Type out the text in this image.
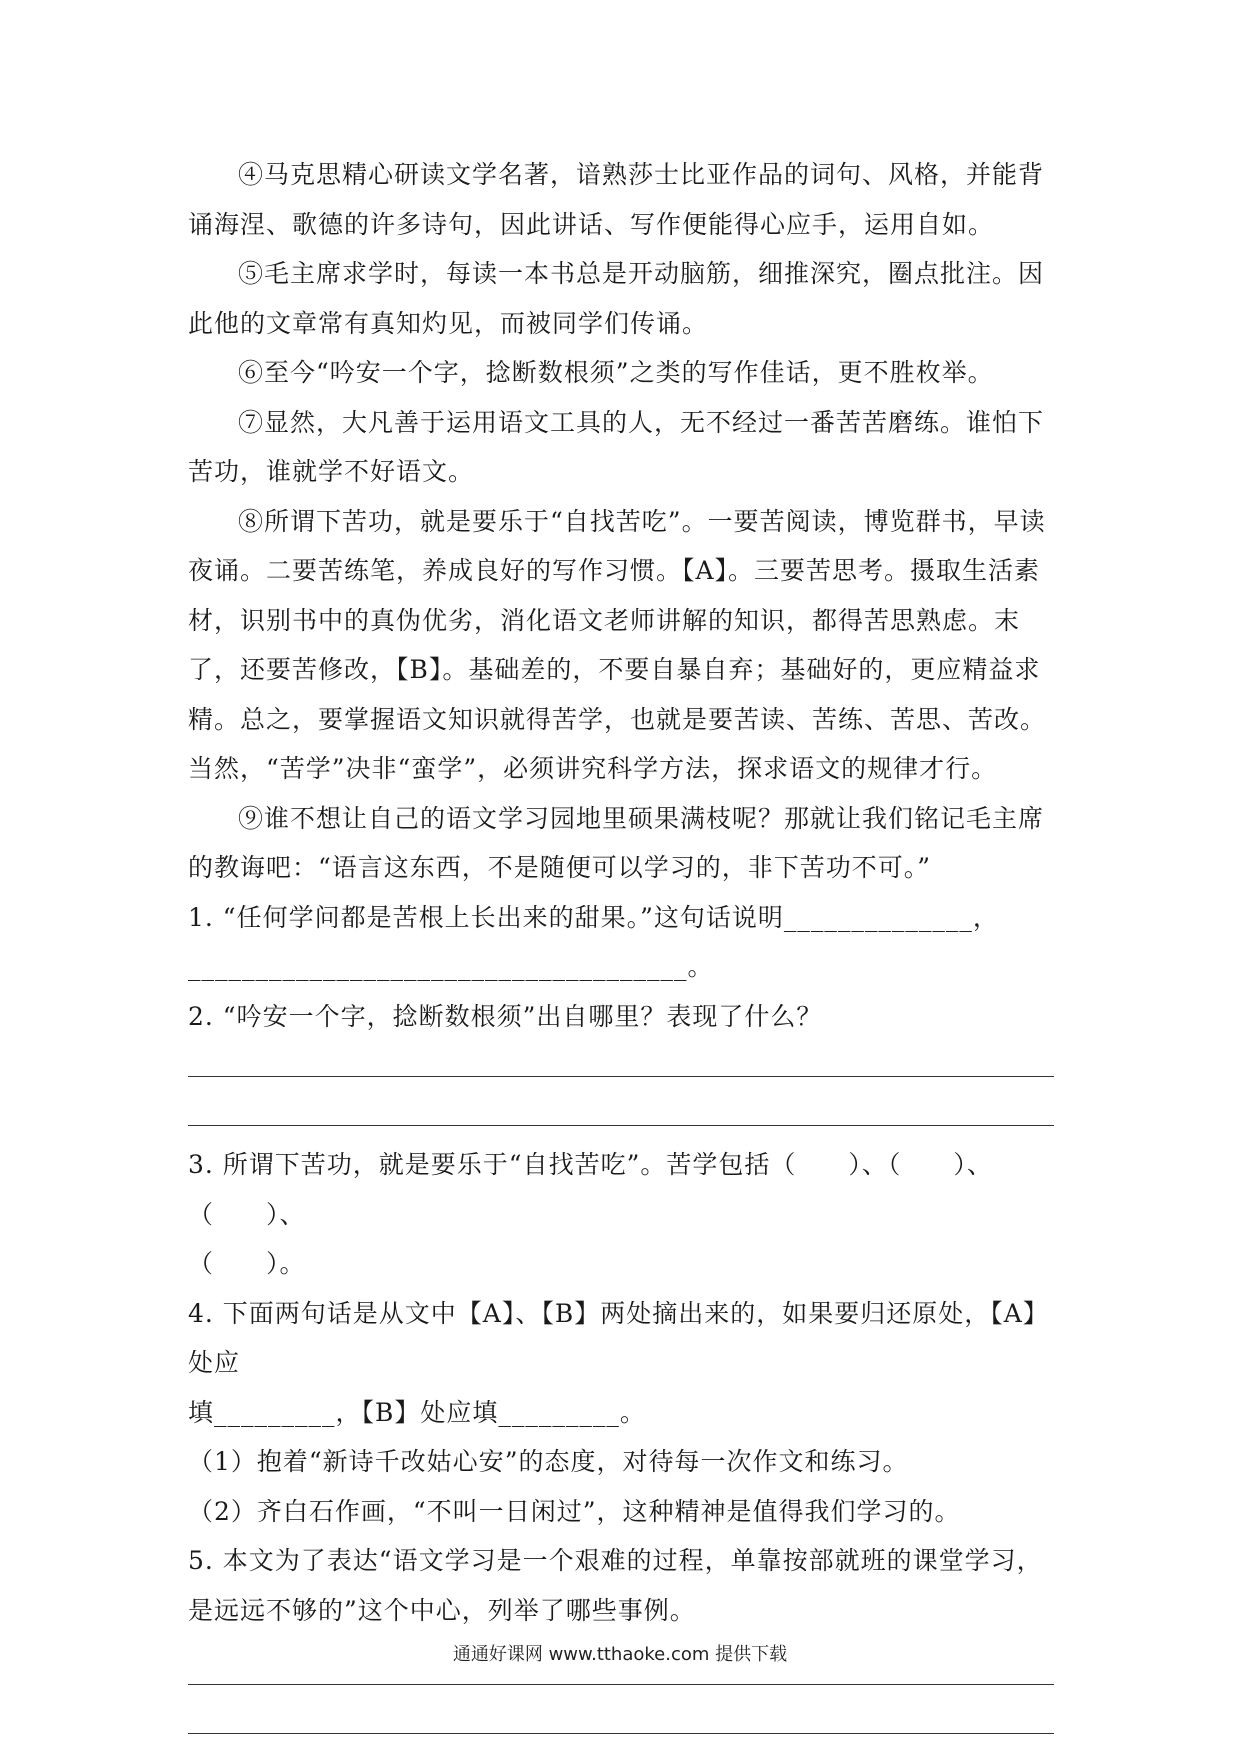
④马克思精心研读文学名著，谙熟莎士比亚作品的词句、风格，并能背诵海涅、歌德的许多诗句，因此讲话、写作便能得心应手，运用自如。

⑤毛主席求学时，每读一本书总是开动脑筋，细推深究，圈点批注。因此他的文章常有真知灼见，而被同学们传诵。

⑥至今“吟安一个字，捻断数根须”之类的写作佳话，更不胜枚举。

⑦显然，大凡善于运用语文工具的人，无不经过一番苦苦磨练。谁怕下苦功，谁就学不好语文。

⑧所谓下苦功，就是要乐于“自找苦吃”。一要苦阅读，博览群书，早读夜诵。二要苦练笔，养成良好的写作习惯。【A】。三要苦思考。摄取生活素材，识别书中的真伪优劣，消化语文老师讲解的知识，都得苦思熟虑。末了，还要苦修改，【B】。基础差的，不要自暴自弃；基础好的，更应精益求精。总之，要掌握语文知识就得苦学，也就是要苦读、苦练、苦思、苦改。当然，“苦学”决非“蛮学”，必须讲究科学方法，探求语文的规律才行。

⑨谁不想让自己的语文学习园地里硕果满枝呢？那就让我们铭记毛主席的教诲吧：“语言这东西，不是随便可以学习的，非下苦功不可。”

1. “任何学问都是苦根上长出来的甜果。”这句话说明______________，

_____________________________________。

2. “吟安一个字，捻断数根须”出自哪里？表现了什么？

3. 所谓下苦功，就是要乐于“自找苦吃”。苦学包括（　　）、（　　）、（　　）、

（　　）。

4. 下面两句话是从文中【A】、【B】两处摘出来的，如果要归还原处，【A】处应

填_________，【B】处应填_________。

（1）抱着“新诗千改姑心安”的态度，对待每一次作文和练习。

（2）齐白石作画，“不叫一日闲过”，这种精神是值得我们学习的。

5. 本文为了表达“语文学习是一个艰难的过程，单靠按部就班的课堂学习，是远远不够的”这个中心，列举了哪些事例。

通通好课网 www.tthaoke.com 提供下载
